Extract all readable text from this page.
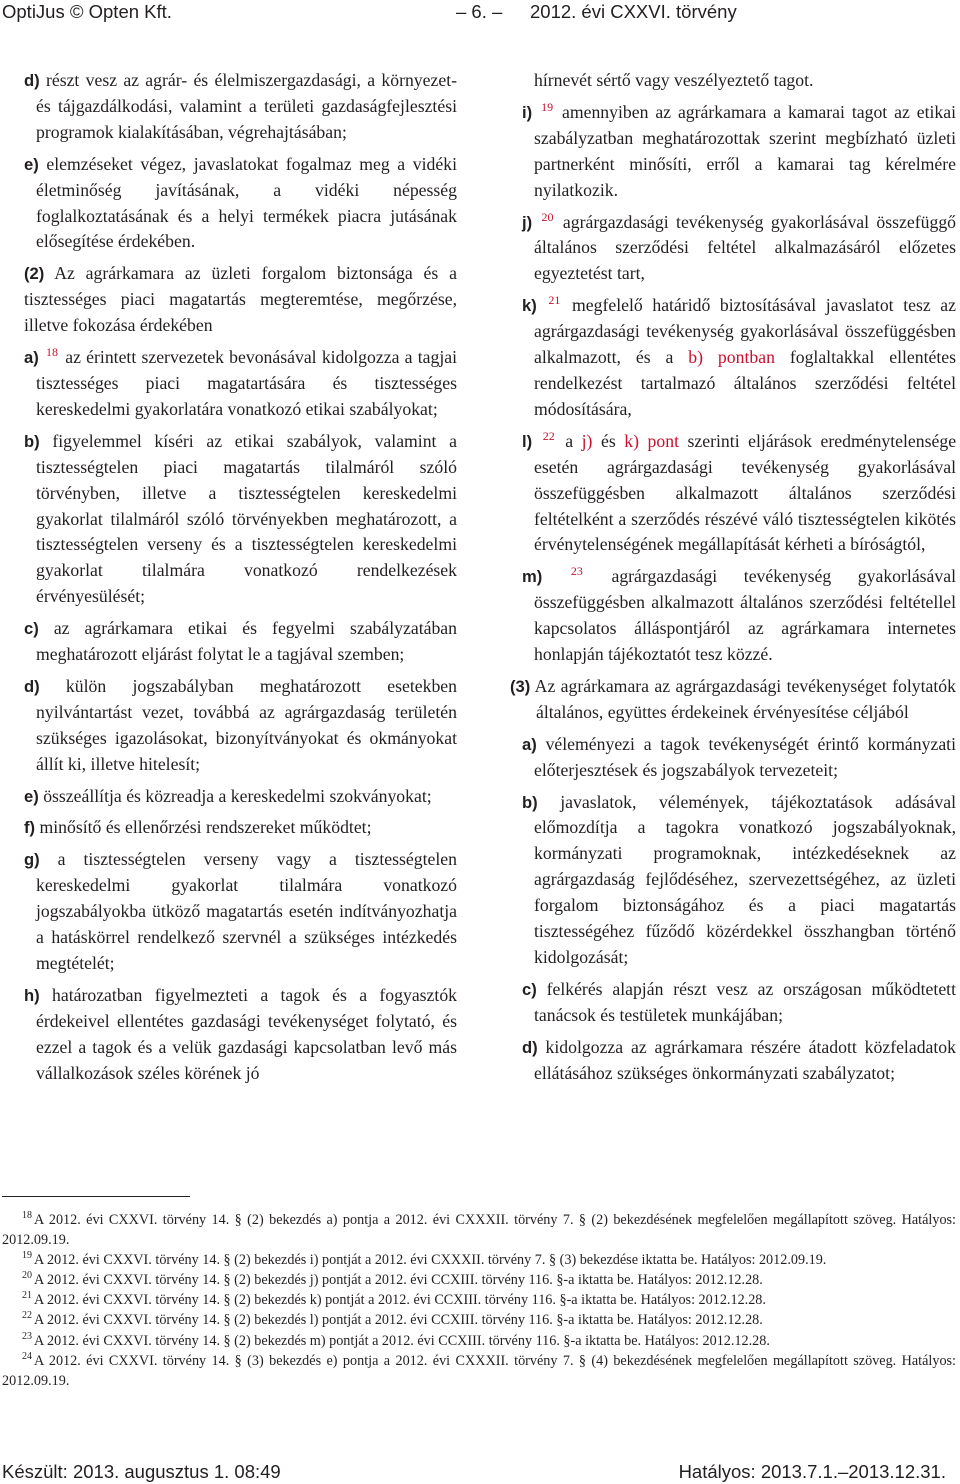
OptiJus © Opten Kft.	– 6. – 2012. évi CXXVI. törvény

d) részt vesz az agrár- és élelmiszergazdasági, a környezet- és tájgazdálkodási, valamint a területi gazdaságfejlesztési programok kialakításában, végrehajtásában;

e) elemzéseket végez, javaslatokat fogalmaz meg a vidéki életminőség javításának, a vidéki népesség foglalkoztatásának és a helyi termékek piacra jutásának elősegítése érdekében.

(2) Az agrárkamara az üzleti forgalom biztonsága és a tisztességes piaci magatartás megteremtése, megőrzése, illetve fokozása érdekében

a) $^{18}$ az érintett szervezetek bevonásával kidolgozza a tagjai tisztességes piaci magatartására és tisztességes kereskedelmi gyakorlatára vonatkozó etikai szabályokat;

b) figyelemmel kíséri az etikai szabályok, valamint a tisztességtelen piaci magatartás tilalmáról szóló törvényben, illetve a tisztességtelen kereskedelmi gyakorlat tilalmáról szóló törvényekben meghatározott, a tisztességtelen verseny és a tisztességtelen kereskedelmi gyakorlat tilalmára vonatkozó rendelkezések érvényesülését;

c) az agrárkamara etikai és fegyelmi szabályzatában meghatározott eljárást folytat le a tagjával szemben;

d) külön jogszabályban meghatározott esetekben nyilvántartást vezet, továbbá az agrárgazdaság területén szükséges igazolásokat, bizonyítványokat és okmányokat állít ki, illetve hitelesít;

e) összeállítja és közreadja a kereskedelmi szokványokat;

f) minősítő és ellenőrzési rendszereket működtet;

g) a tisztességtelen verseny vagy a tisztességtelen kereskedelmi gyakorlat tilalmára vonatkozó jogszabályokba ütköző magatartás esetén indítványozhatja a hatáskörrel rendelkező szervnél a szükséges intézkedés megtételét;

h) határozatban figyelmezteti a tagok és a fogyasztók érdekeivel ellentétes gazdasági tevékenységet folytató, és ezzel a tagok és a velük gazdasági kapcsolatban levő más vállalkozások széles körének jó

hírnevét sértő vagy veszélyeztető tagot.

i) $^{19}$ amennyiben az agrárkamara a kamarai tagot az etikai szabályzatban meghatározottak szerint megbízható üzleti partnerként minősíti, erről a kamarai tag kérelmére nyilatkozik.

j) $^{20}$ agrárgazdasági tevékenység gyakorlásával összefüggő általános szerződési feltétel alkalmazásáról előzetes egyeztetést tart,

k) $^{21}$ megfelelő határidő biztosításával javaslatot tesz az agrárgazdasági tevékenység gyakorlásával összefüggésben alkalmazott, és a b) pontban foglaltakkal ellentétes rendelkezést tartalmazó általános szerződési feltétel módosítására,

l) $^{22}$ a j) és k) pont szerinti eljárások eredménytelensége esetén agrárgazdasági tevékenység gyakorlásával összefüggésben alkalmazott általános szerződési feltételként a szerződés részévé váló tisztességtelen kikötés érvénytelenségének megállapítását kérheti a bíróságtól,

m) $^{23}$ agrárgazdasági tevékenység gyakorlásával összefüggésben alkalmazott általános szerződési feltétellel kapcsolatos álláspontjáról az agrárkamara internetes honlapján tájékoztatót tesz közzé.

(3) Az agrárkamara az agrárgazdasági tevékenységet folytatók általános, együttes érdekeinek érvényesítése céljából

a) véleményezi a tagok tevékenységét érintő kormányzati előterjesztések és jogszabályok tervezeteit;

b) javaslatok, vélemények, tájékoztatások adásával előmozdítja a tagokra vonatkozó jogszabályoknak, kormányzati programoknak, intézkedéseknek az agrárgazdaság fejlődéséhez, szervezettségéhez, az üzleti forgalom biztonságához és a piaci magatartás tisztességéhez fűződő közérdekkel összhangban történő kidolgozását;

c) felkérés alapján részt vesz az országosan működtetett tanácsok és testületek munkájában;

d) kidolgozza az agrárkamara részére átadott közfeladatok ellátásához szükséges önkormányzati szabályzatot;

$^{18}$ A 2012. évi CXXVI. törvény 14. § (2) bekezdés a) pontja a 2012. évi CXXXII. törvény 7. § (2) bekezdésének megfelelően megállapított szöveg. Hatályos: 2012.09.19.

$^{19}$ A 2012. évi CXXVI. törvény 14. § (2) bekezdés i) pontját a 2012. évi CXXXII. törvény 7. § (3) bekezdése iktatta be. Hatályos: 2012.09.19.

$^{20}$ A 2012. évi CXXVI. törvény 14. § (2) bekezdés j) pontját a 2012. évi CCXIII. törvény 116. §-a iktatta be. Hatályos: 2012.12.28.

$^{21}$ A 2012. évi CXXVI. törvény 14. § (2) bekezdés k) pontját a 2012. évi CCXIII. törvény 116. §-a iktatta be. Hatályos: 2012.12.28.

$^{22}$ A 2012. évi CXXVI. törvény 14. § (2) bekezdés l) pontját a 2012. évi CCXIII. törvény 116. §-a iktatta be. Hatályos: 2012.12.28.

$^{23}$ A 2012. évi CXXVI. törvény 14. § (2) bekezdés m) pontját a 2012. évi CCXIII. törvény 116. §-a iktatta be. Hatályos: 2012.12.28.

$^{24}$ A 2012. évi CXXVI. törvény 14. § (3) bekezdés e) pontja a 2012. évi CXXXII. törvény 7. § (4) bekezdésének megfelelően megállapított szöveg. Hatályos: 2012.09.19.

Készült: 2013. augusztus 1. 08:49	Hatályos: 2013.7.1.–2013.12.31.
